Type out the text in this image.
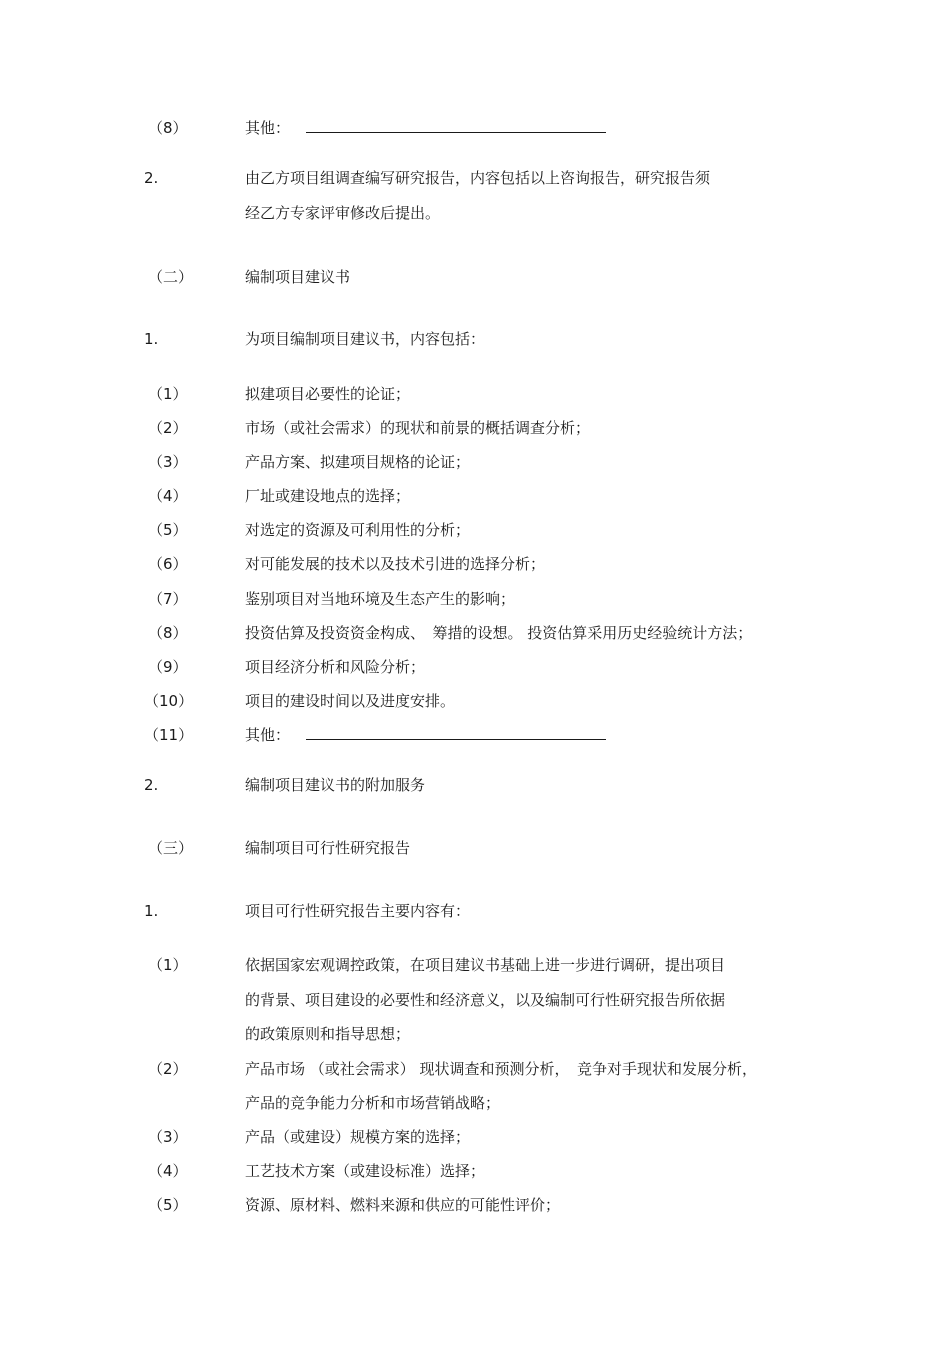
（8）	其他：
2.	由乙方项目组调查编写研究报告，内容包括以上咨询报告，研究报告须
经乙方专家评审修改后提出。
（二）	编制项目建议书
1.	为项目编制项目建议书，内容包括：
（1）	拟建项目必要性的论证；
（2）	市场（或社会需求）的现状和前景的概括调查分析；
（3）	产品方案、拟建项目规格的论证；
（4）	厂址或建设地点的选择；
（5）	对选定的资源及可利用性的分析；
（6）	对可能发展的技术以及技术引进的选择分析；
（7）	鉴别项目对当地环境及生态产生的影响；
（8）	投资估算及投资资金构成、　筹措的设想。 投资估算采用历史经验统计方法；
（9）	项目经济分析和风险分析；
（10）	项目的建设时间以及进度安排。
（11）	其他：
2.	编制项目建议书的附加服务
（三）	编制项目可行性研究报告
1.	项目可行性研究报告主要内容有：
（1）	依据国家宏观调控政策，在项目建议书基础上进一步进行调研，提出项目
的背景、项目建设的必要性和经济意义，以及编制可行性研究报告所依据
的政策原则和指导思想；
（2）	产品市场 （或社会需求） 现状调查和预测分析，　竞争对手现状和发展分析，
产品的竞争能力分析和市场营销战略；
（3）	产品（或建设）规模方案的选择；
（4）	工艺技术方案（或建设标准）选择；
（5）	资源、原材料、燃料来源和供应的可能性评价；
